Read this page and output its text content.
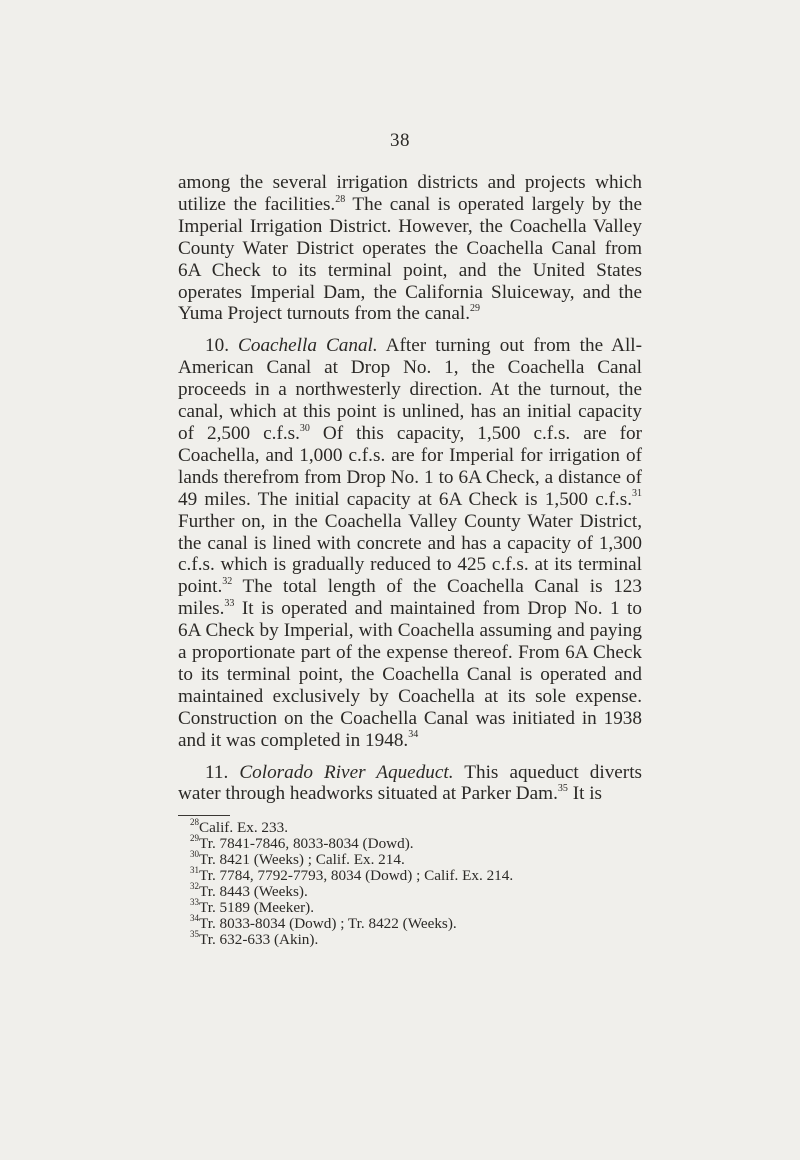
38

among the several irrigation districts and projects which utilize the facilities.$^{28}$ The canal is operated largely by the Imperial Irrigation District. However, the Coachella Valley County Water District operates the Coachella Canal from 6A Check to its terminal point, and the United States operates Imperial Dam, the California Sluiceway, and the Yuma Project turnouts from the canal.$^{29}$

10. Coachella Canal. After turning out from the All-American Canal at Drop No. 1, the Coachella Canal proceeds in a northwesterly direction. At the turnout, the canal, which at this point is unlined, has an initial capacity of 2,500 c.f.s.$^{30}$ Of this capacity, 1,500 c.f.s. are for Coachella, and 1,000 c.f.s. are for Imperial for irrigation of lands therefrom from Drop No. 1 to 6A Check, a distance of 49 miles. The initial capacity at 6A Check is 1,500 c.f.s.$^{31}$ Further on, in the Coachella Valley County Water District, the canal is lined with concrete and has a capacity of 1,300 c.f.s. which is gradually reduced to 425 c.f.s. at its terminal point.$^{32}$ The total length of the Coachella Canal is 123 miles.$^{33}$ It is operated and maintained from Drop No. 1 to 6A Check by Imperial, with Coachella assuming and paying a proportionate part of the expense thereof. From 6A Check to its terminal point, the Coachella Canal is operated and maintained exclusively by Coachella at its sole expense. Construction on the Coachella Canal was initiated in 1938 and it was completed in 1948.34

11. Colorado River Aqueduct. This aqueduct diverts water through headworks situated at Parker Dam.$^{35}$ It is

$^{28}$Calif. Ex. 233.
$^{29}$Tr. 7841-7846, 8033-8034 (Dowd).
$^{30}$Tr. 8421 (Weeks) ; Calif. Ex. 214.
$^{31}$Tr. 7784, 7792-7793, 8034 (Dowd) ; Calif. Ex. 214.
$^{32}$Tr. 8443 (Weeks).
$^{33}$Tr. 5189 (Meeker).
$^{34}$Tr. 8033-8034 (Dowd) ; Tr. 8422 (Weeks).
$^{35}$Tr. 632-633 (Akin).
